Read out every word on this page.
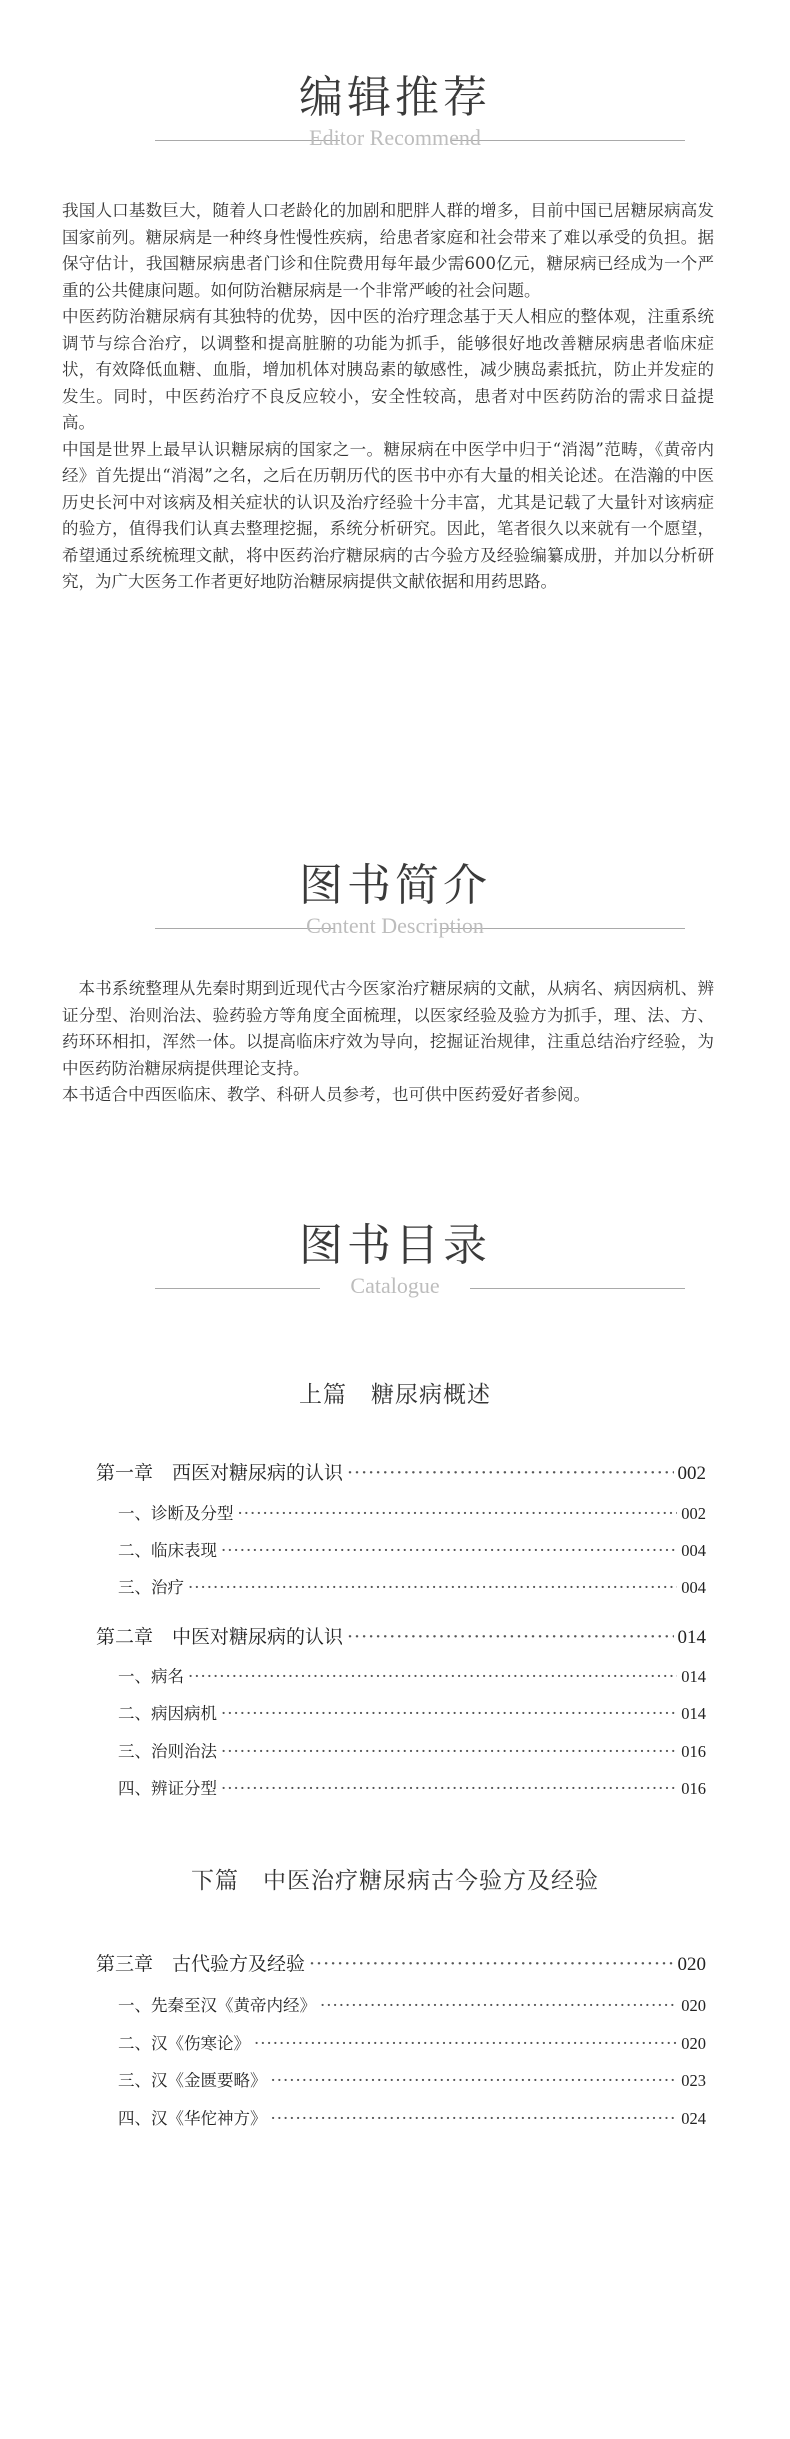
编辑推荐
Editor Recommend

我国人口基数巨大，随着人口老龄化的加剧和肥胖人群的增多，目前中国已居糖尿病高发国家前列。糖尿病是一种终身性慢性疾病，给患者家庭和社会带来了难以承受的负担。据保守估计，我国糖尿病患者门诊和住院费用每年最少需600亿元，糖尿病已经成为一个严重的公共健康问题。如何防治糖尿病是一个非常严峻的社会问题。

中医药防治糖尿病有其独特的优势，因中医的治疗理念基于天人相应的整体观，注重系统调节与综合治疗，以调整和提高脏腑的功能为抓手，能够很好地改善糖尿病患者临床症状，有效降低血糖、血脂，增加机体对胰岛素的敏感性，减少胰岛素抵抗，防止并发症的发生。同时，中医药治疗不良反应较小，安全性较高，患者对中医药防治的需求日益提高。

中国是世界上最早认识糖尿病的国家之一。糖尿病在中医学中归于“消渴”范畴，《黄帝内经》首先提出“消渴”之名，之后在历朝历代的医书中亦有大量的相关论述。在浩瀚的中医历史长河中对该病及相关症状的认识及治疗经验十分丰富，尤其是记载了大量针对该病症的验方，值得我们认真去整理挖掘，系统分析研究。因此，笔者很久以来就有一个愿望，希望通过系统梳理文献，将中医药治疗糖尿病的古今验方及经验编纂成册，并加以分析研究，为广大医务工作者更好地防治糖尿病提供文献依据和用药思路。

图书简介
Content Description

本书系统整理从先秦时期到近现代古今医家治疗糖尿病的文献，从病名、病因病机、辨证分型、治则治法、验药验方等角度全面梳理，以医家经验及验方为抓手，理、法、方、药环环相扣，浑然一体。以提高临床疗效为导向，挖掘证治规律，注重总结治疗经验，为中医药防治糖尿病提供理论支持。

本书适合中西医临床、教学、科研人员参考，也可供中医药爱好者参阅。

图书目录
Catalogue
上篇　糖尿病概述
第一章　西医对糖尿病的认识 ·····	002
一、诊断及分型 ·····	002
二、临床表现 ·····	004
三、治疗 ·····	004
第二章　中医对糖尿病的认识 ·····	014
一、病名 ·····	014
二、病因病机 ·····	014
三、治则治法 ·····	016
四、辨证分型 ·····	016
下篇　中医治疗糖尿病古今验方及经验
第三章　古代验方及经验 ·····	020
一、先秦至汉《黄帝内经》 ·····	020
二、汉《伤寒论》 ·····	020
三、汉《金匮要略》 ·····	023
四、汉《华佗神方》 ·····	024
